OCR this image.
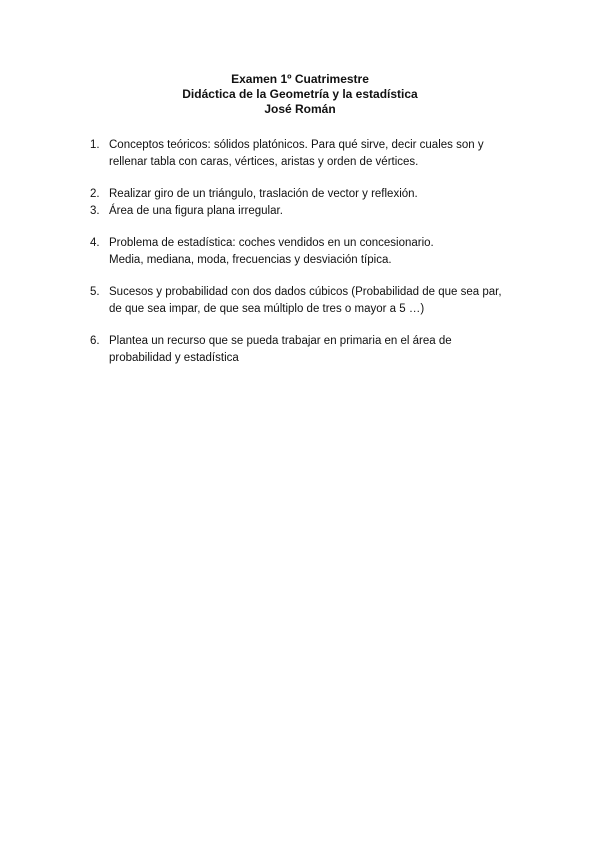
Examen 1º Cuatrimestre
Didáctica de la Geometría y la estadística
José Román
1. Conceptos teóricos: sólidos platónicos. Para qué sirve, decir cuales son y
rellenar tabla con caras, vértices, aristas y orden de vértices.
2. Realizar giro de un triángulo, traslación de vector y reflexión.
3. Área de una figura plana irregular.
4. Problema de estadística: coches vendidos en un concesionario.
Media, mediana, moda, frecuencias y desviación típica.
5. Sucesos y probabilidad con dos dados cúbicos (Probabilidad de que sea par,
de que sea impar, de que sea múltiplo de tres o mayor a 5 …)
6. Plantea un recurso que se pueda trabajar en primaria en el área de
probabilidad y estadística
